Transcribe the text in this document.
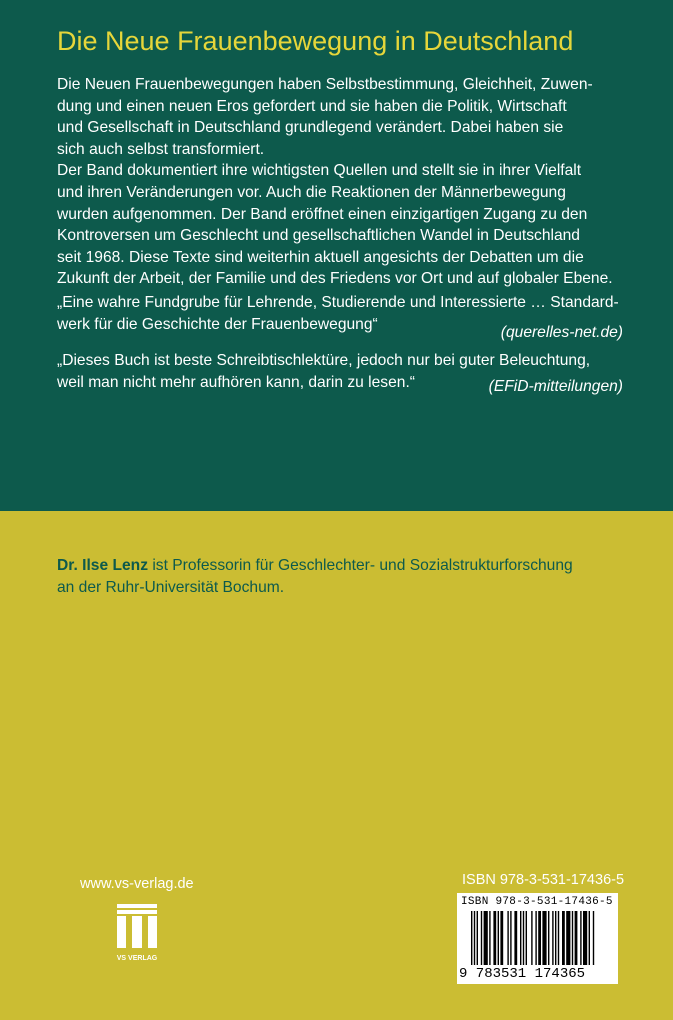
Die Neue Frauenbewegung in Deutschland
Die Neuen Frauenbewegungen haben Selbstbestimmung, Gleichheit, Zuwen-
dung und einen neuen Eros gefordert und sie haben die Politik, Wirtschaft
und Gesellschaft in Deutschland grundlegend verändert. Dabei haben sie
sich auch selbst transformiert.
Der Band dokumentiert ihre wichtigsten Quellen und stellt sie in ihrer Vielfalt
und ihren Veränderungen vor. Auch die Reaktionen der Männerbewegung
wurden aufgenommen. Der Band eröffnet einen einzigartigen Zugang zu den
Kontroversen um Geschlecht und gesellschaftlichen Wandel in Deutschland
seit 1968. Diese Texte sind weiterhin aktuell angesichts der Debatten um die
Zukunft der Arbeit, der Familie und des Friedens vor Ort und auf globaler Ebene.
„Eine wahre Fundgrube für Lehrende, Studierende und Interessierte … Standard-
werk für die Geschichte der Frauenbewegung“	(querelles-net.de)
„Dieses Buch ist beste Schreibtischlektüre, jedoch nur bei guter Beleuchtung,
weil man nicht mehr aufhören kann, darin zu lesen.“	(EFiD-mitteilungen)
Dr. Ilse Lenz ist Professorin für Geschlechter- und Sozialstrukturforschung
an der Ruhr-Universität Bochum.
www.vs-verlag.de
VS VERLAG
ISBN 978-3-531-17436-5
ISBN 978-3-531-17436-5
9 783531 174365
